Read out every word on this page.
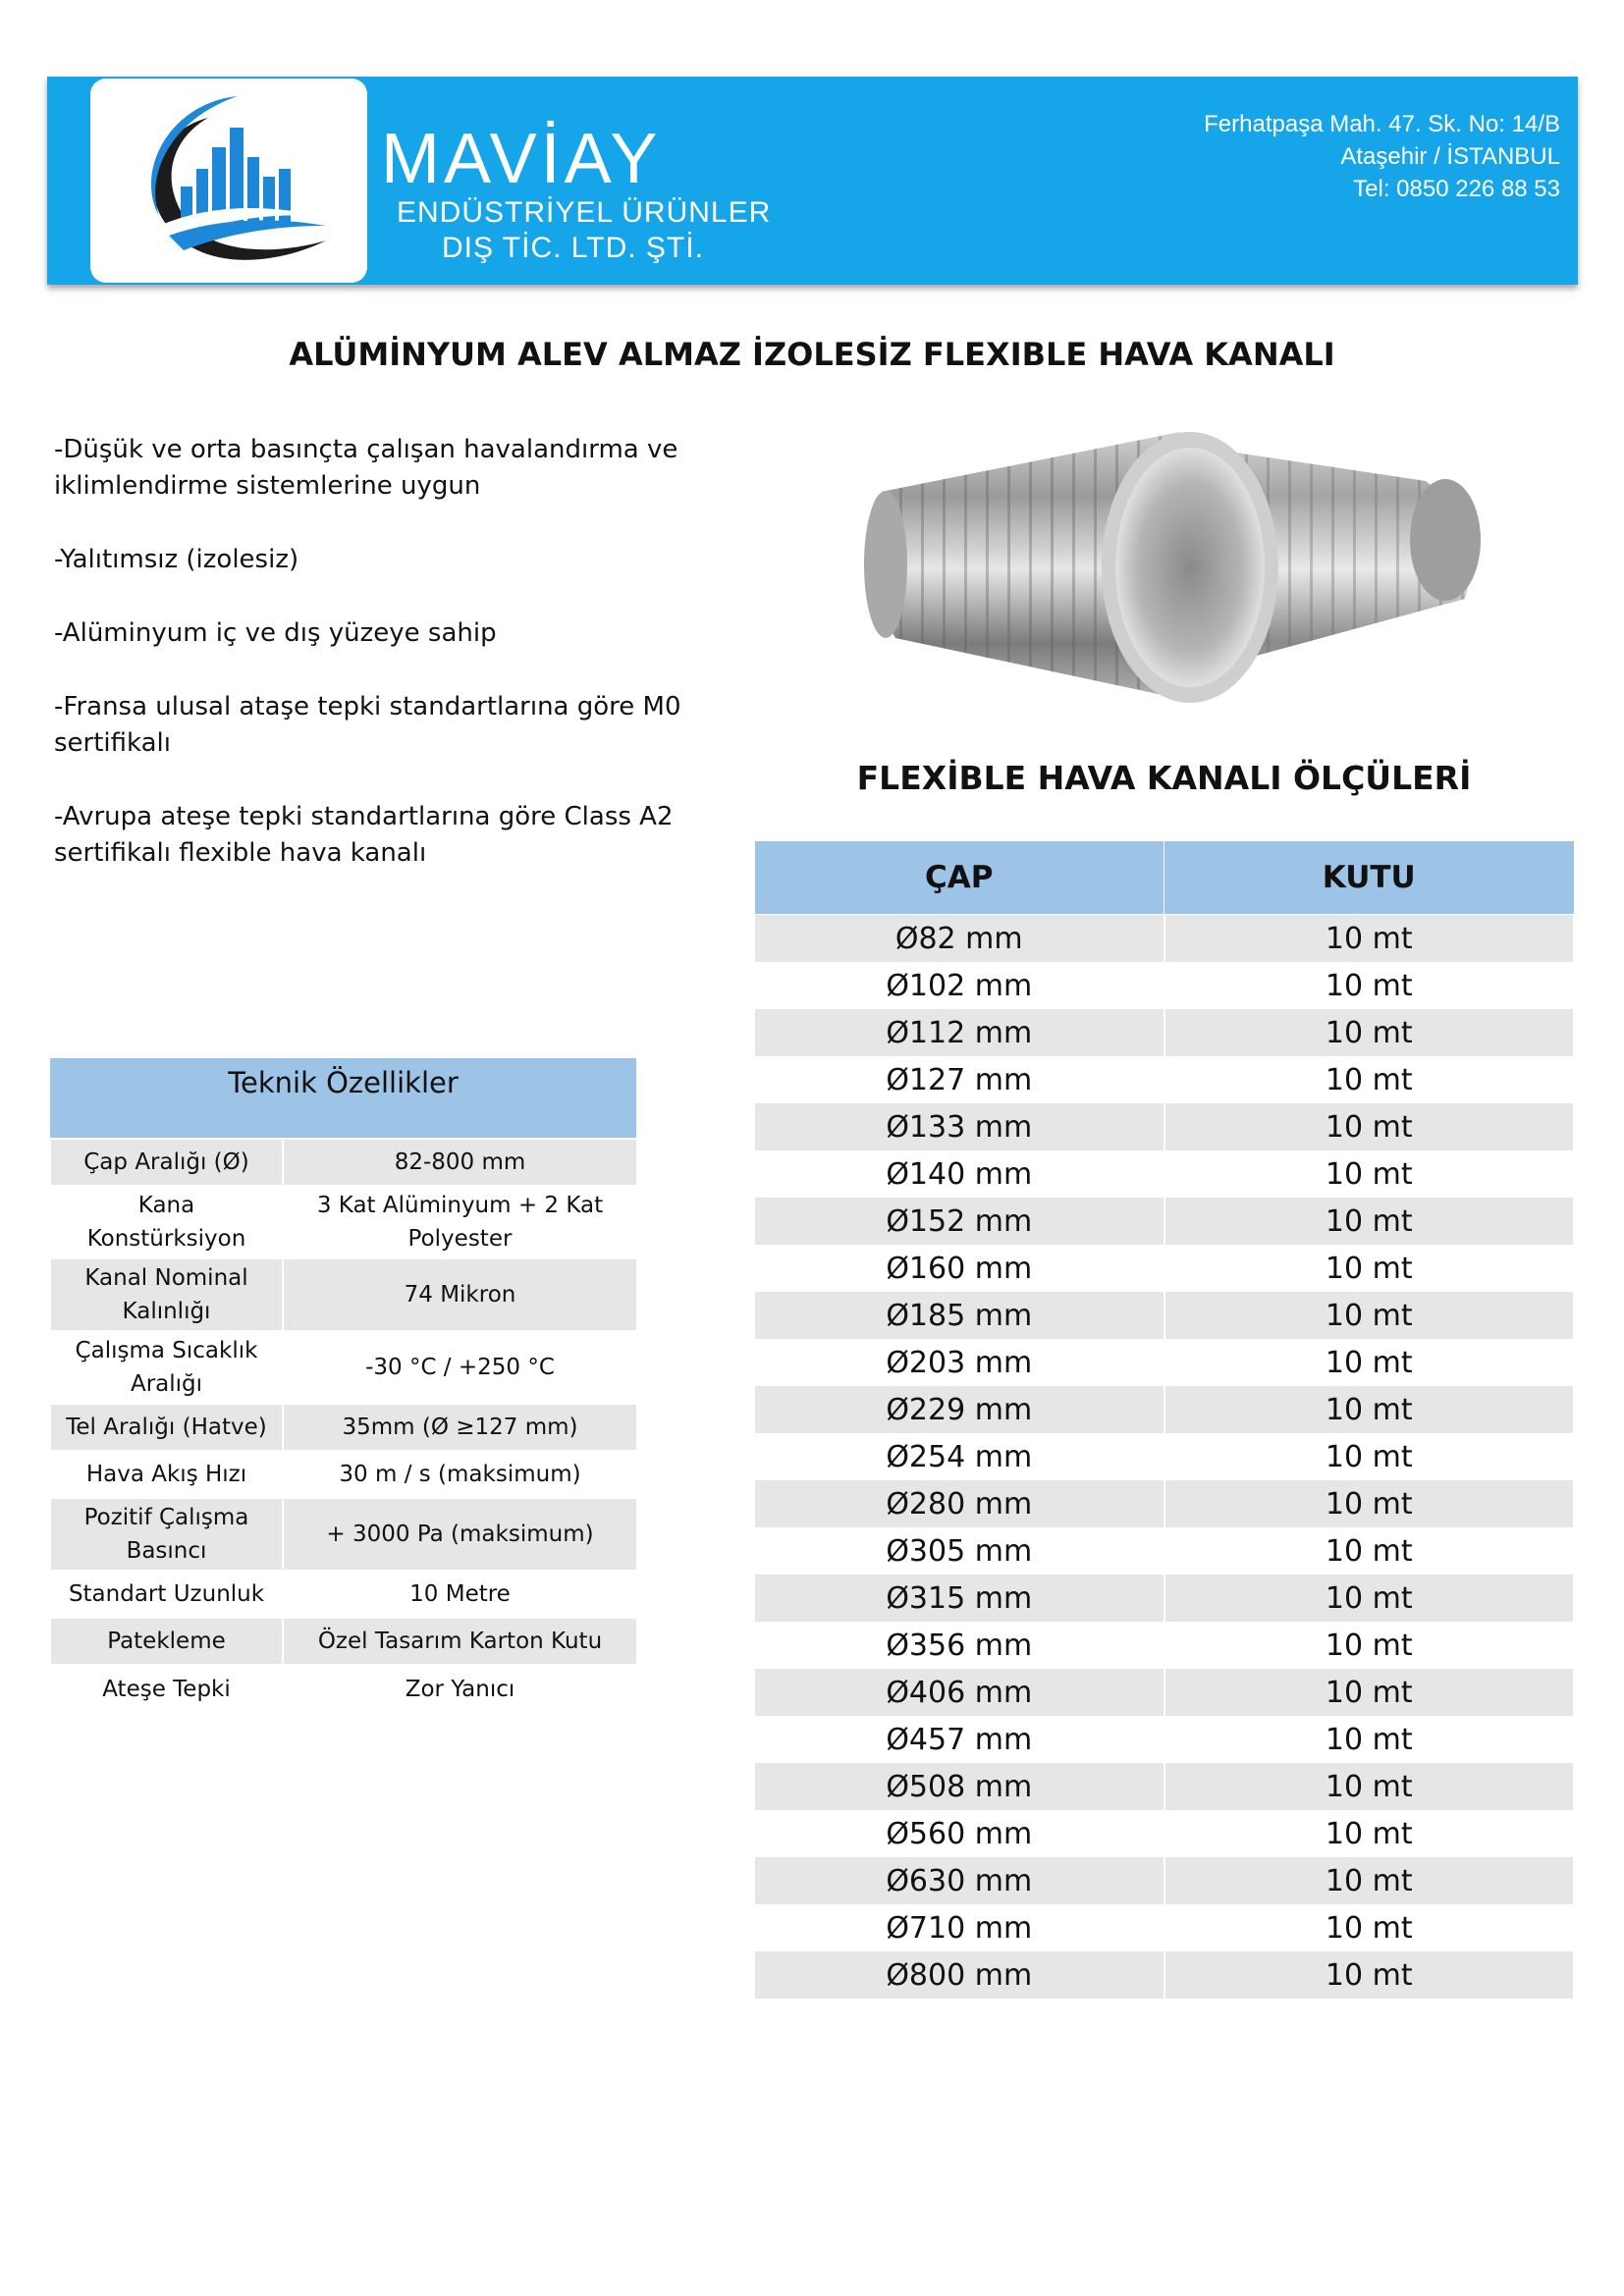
MAVİAY
ENDÜSTRİYEL ÜRÜNLER
DIŞ TİC. LTD. ŞTİ.
Ferhatpaşa Mah. 47. Sk. No: 14/B
Ataşehir / İSTANBUL
Tel: 0850 226 88 53
ALÜMİNYUM ALEV ALMAZ İZOLESİZ FLEXIBLE HAVA KANALI
-Düşük ve orta basınçta çalışan havalandırma ve iklimlendirme sistemlerine uygun
-Yalıtımsız (izolesiz)
-Alüminyum iç ve dış yüzeye sahip
-Fransa ulusal ataşe tepki standartlarına göre M0 sertifikalı
-Avrupa ateşe tepki standartlarına göre Class A2 sertifikalı flexible hava kanalı
FLEXİBLE HAVA KANALI ÖLÇÜLERİ
ÇAP	KUTU
Ø82 mm	10 mt
Ø102 mm	10 mt
Ø112 mm	10 mt
Ø127 mm	10 mt
Ø133 mm	10 mt
Ø140 mm	10 mt
Ø152 mm	10 mt
Ø160 mm	10 mt
Ø185 mm	10 mt
Ø203 mm	10 mt
Ø229 mm	10 mt
Ø254 mm	10 mt
Ø280 mm	10 mt
Ø305 mm	10 mt
Ø315 mm	10 mt
Ø356 mm	10 mt
Ø406 mm	10 mt
Ø457 mm	10 mt
Ø508 mm	10 mt
Ø560 mm	10 mt
Ø630 mm	10 mt
Ø710 mm	10 mt
Ø800 mm	10 mt
Teknik Özellikler	
Çap Aralığı (Ø)	82-800 mm
Kana Konstürksiyon	3 Kat Alüminyum + 2 Kat Polyester
Kanal Nominal Kalınlığı	74 Mikron
Çalışma Sıcaklık Aralığı	-30 °C / +250 °C
Tel Aralığı (Hatve)	35mm (Ø ≥127 mm)
Hava Akış Hızı	30 m / s (maksimum)
Pozitif Çalışma Basıncı	+ 3000 Pa (maksimum)
Standart Uzunluk	10 Metre
Patekleme	Özel Tasarım Karton Kutu
Ateşe Tepki	Zor Yanıcı
